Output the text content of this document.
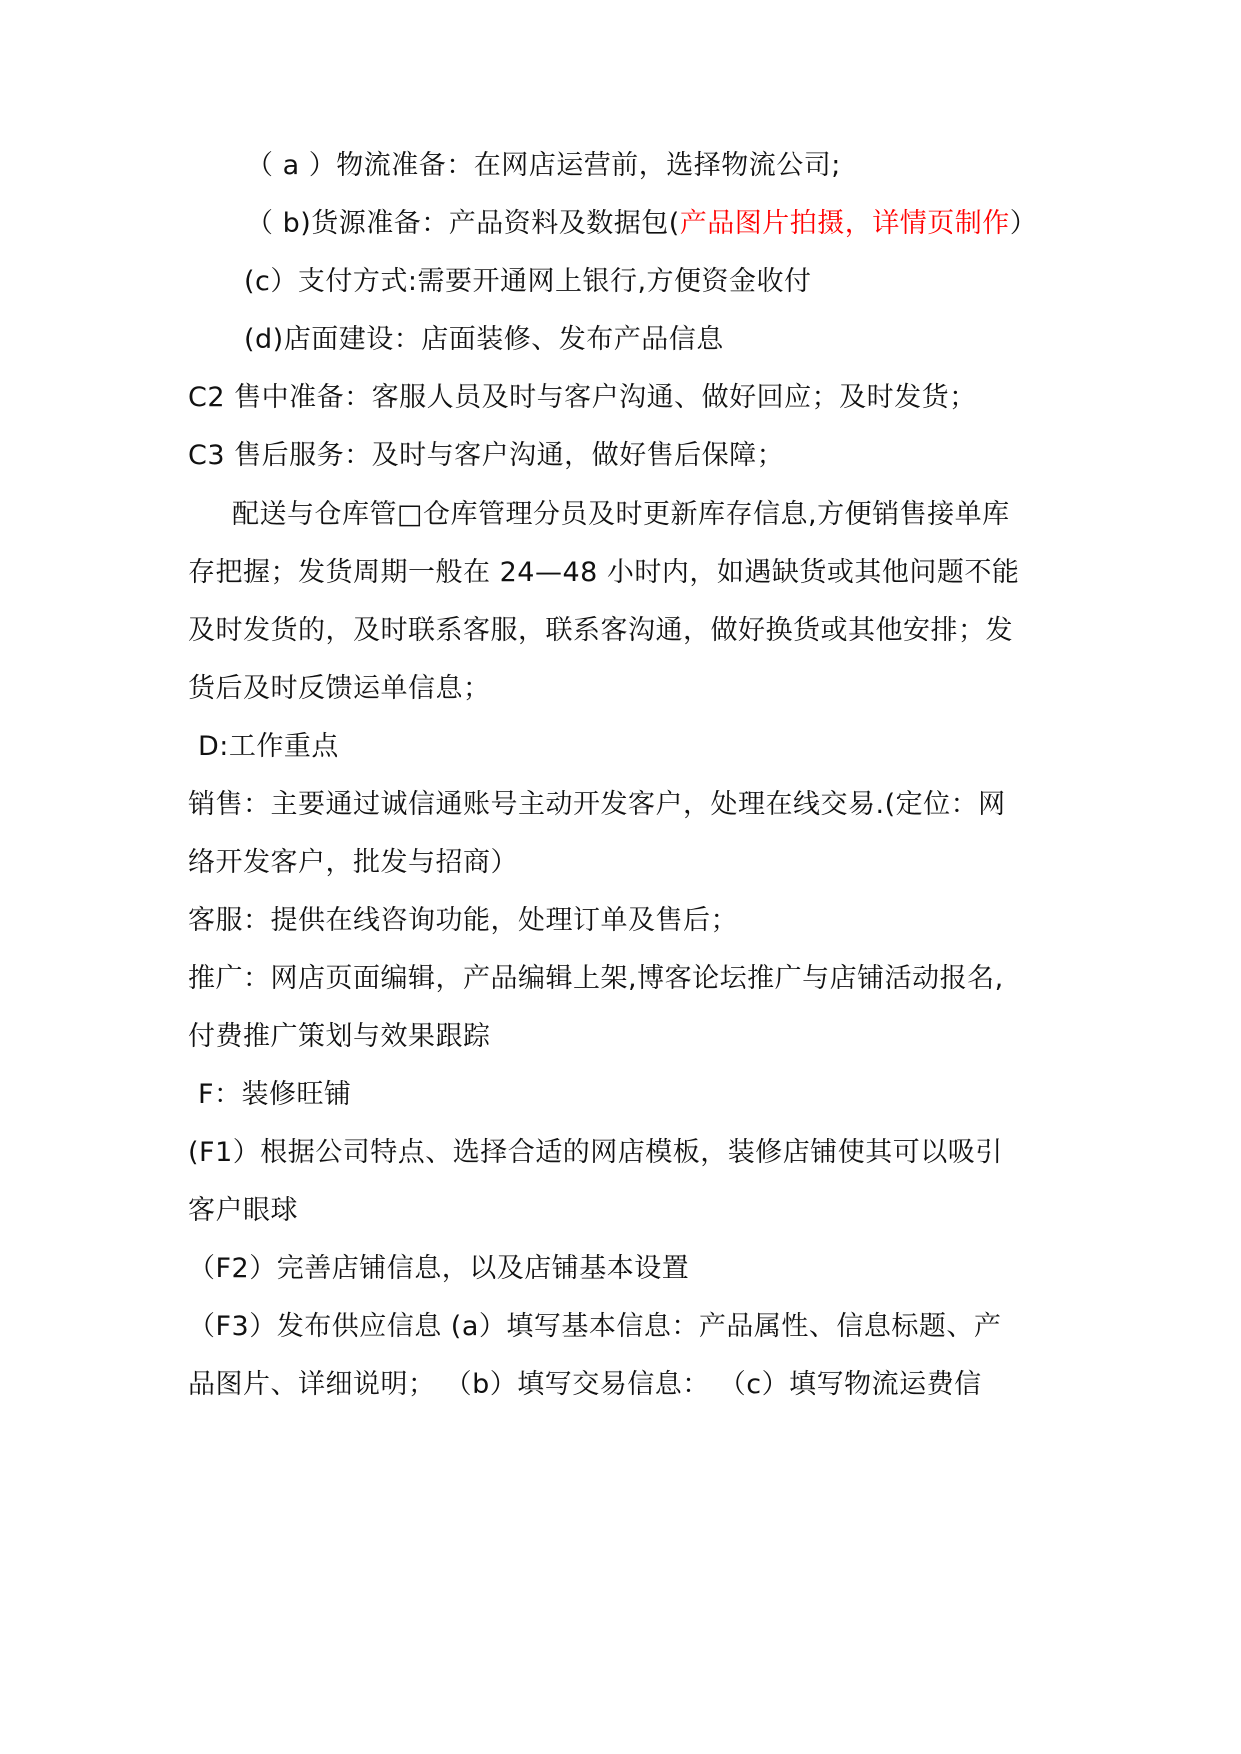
（ a ）物流准备：在网店运营前，选择物流公司;
（ b)货源准备：产品资料及数据包(产品图片拍摄，详情页制作）
(c）支付方式:需要开通网上银行,方便资金收付
(d)店面建设：店面装修、发布产品信息
C2 售中准备：客服人员及时与客户沟通、做好回应；及时发货；
C3 售后服务：及时与客户沟通，做好售后保障；
配送与仓库管□仓库管理分员及时更新库存信息,方便销售接单库
存把握；发货周期一般在 24—48 小时内，如遇缺货或其他问题不能
及时发货的，及时联系客服，联系客沟通，做好换货或其他安排；发
货后及时反馈运单信息；
D:工作重点
销售：主要通过诚信通账号主动开发客户，处理在线交易.(定位：网
络开发客户，批发与招商）
客服：提供在线咨询功能，处理订单及售后；
推广：网店页面编辑，产品编辑上架,博客论坛推广与店铺活动报名,
付费推广策划与效果跟踪
F：装修旺铺
(F1）根据公司特点、选择合适的网店模板，装修店铺使其可以吸引
客户眼球
（F2）完善店铺信息，以及店铺基本设置
（F3）发布供应信息 (a）填写基本信息：产品属性、信息标题、产
品图片、详细说明； （b）填写交易信息： （c）填写物流运费信
